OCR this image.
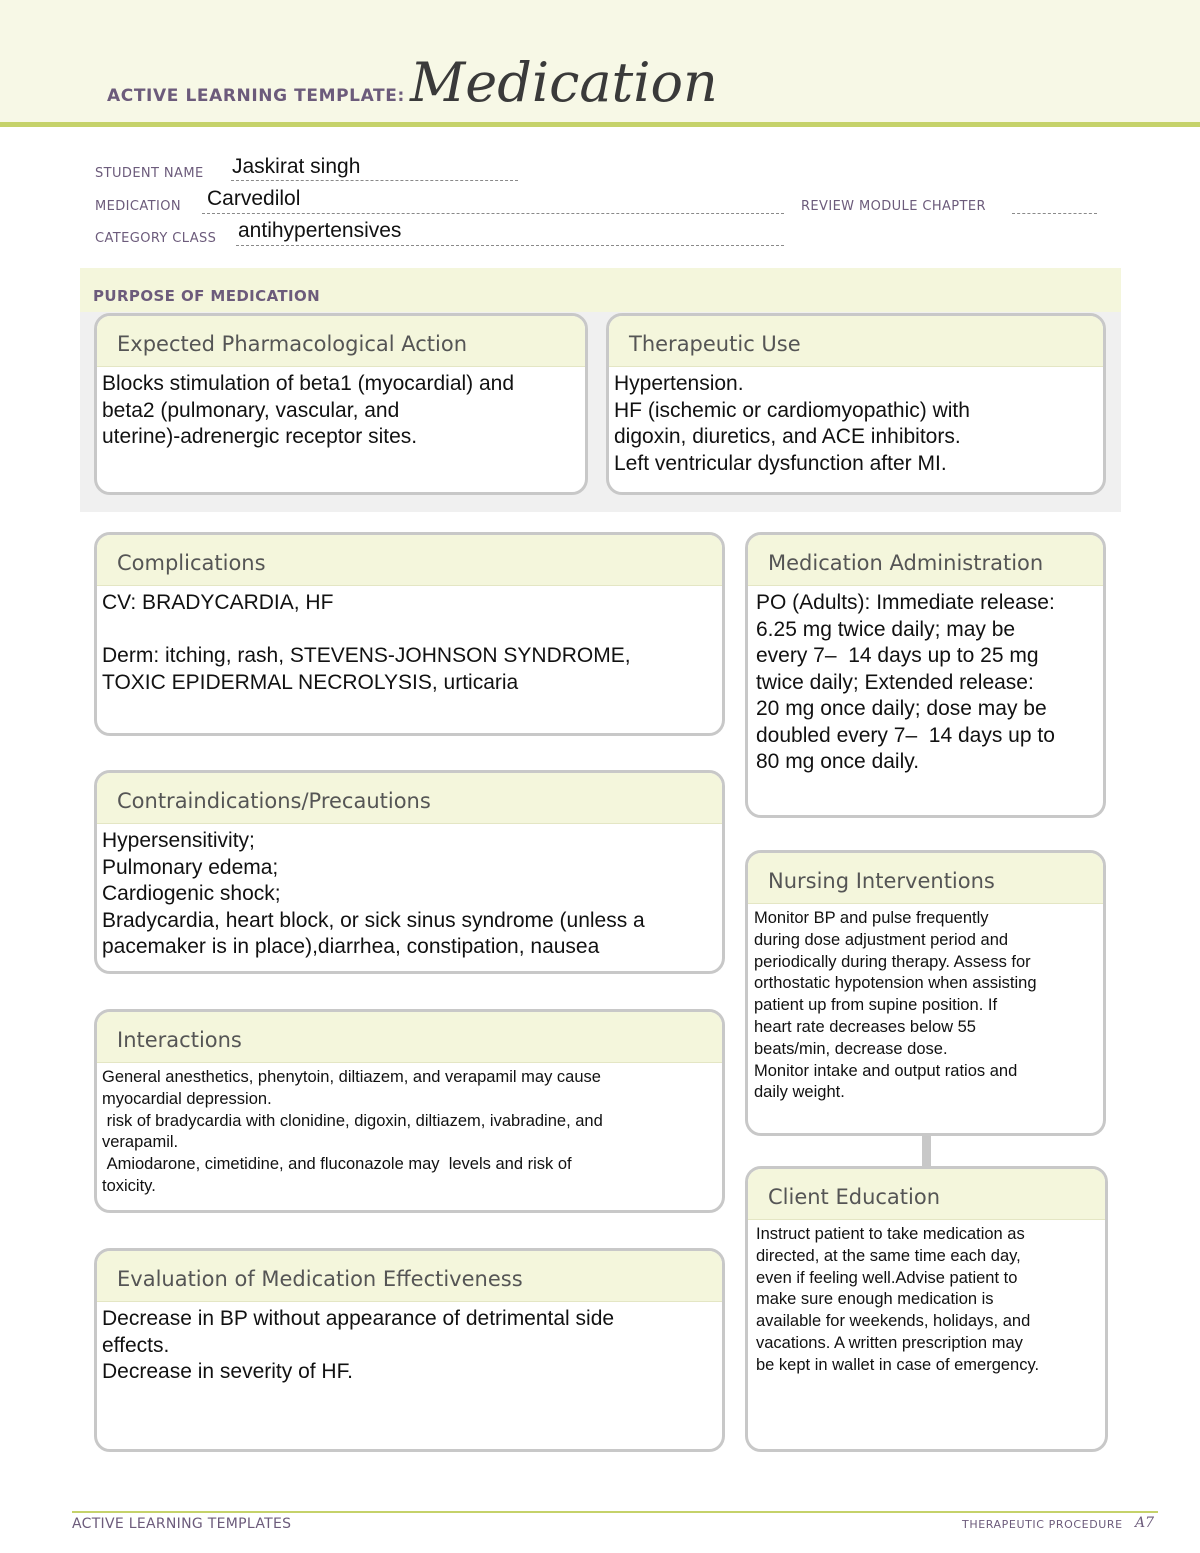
ACTIVE LEARNING TEMPLATE: Medication
STUDENT NAME Jaskirat singh
MEDICATION Carvedilol	REVIEW MODULE CHAPTER
CATEGORY CLASS antihypertensives
PURPOSE OF MEDICATION
Expected Pharmacological Action
Blocks stimulation of beta1 (myocardial) and
beta2 (pulmonary, vascular, and
uterine)-adrenergic receptor sites.
Therapeutic Use
Hypertension.
HF (ischemic or cardiomyopathic) with
digoxin, diuretics, and ACE inhibitors.
Left ventricular dysfunction after MI.
Complications
CV: BRADYCARDIA, HF

Derm: itching, rash, STEVENS-JOHNSON SYNDROME,
TOXIC EPIDERMAL NECROLYSIS, urticaria
Contraindications/Precautions
Hypersensitivity;
Pulmonary edema;
Cardiogenic shock;
Bradycardia, heart block, or sick sinus syndrome (unless a
pacemaker is in place),diarrhea, constipation, nausea
Interactions
General anesthetics, phenytoin, diltiazem, and verapamil may cause
myocardial depression.
risk of bradycardia with clonidine, digoxin, diltiazem, ivabradine, and
verapamil.
Amiodarone, cimetidine, and fluconazole may  levels and risk of
toxicity.
Evaluation of Medication Effectiveness
Decrease in BP without appearance of detrimental side
effects.
Decrease in severity of HF.
Medication Administration
PO (Adults): Immediate release:
6.25 mg twice daily; may be
every 7–  14 days up to 25 mg
twice daily; Extended release:
20 mg once daily; dose may be
doubled every 7–  14 days up to
80 mg once daily.
Nursing Interventions
Monitor BP and pulse frequently
during dose adjustment period and
periodically during therapy. Assess for
orthostatic hypotension when assisting
patient up from supine position. If
heart rate decreases below 55
beats/min, decrease dose.
Monitor intake and output ratios and
daily weight.
Client Education
Instruct patient to take medication as
directed, at the same time each day,
even if feeling well.Advise patient to
make sure enough medication is
available for weekends, holidays, and
vacations. A written prescription may
be kept in wallet in case of emergency.
ACTIVE LEARNING TEMPLATES	THERAPEUTIC PROCEDURE A7
